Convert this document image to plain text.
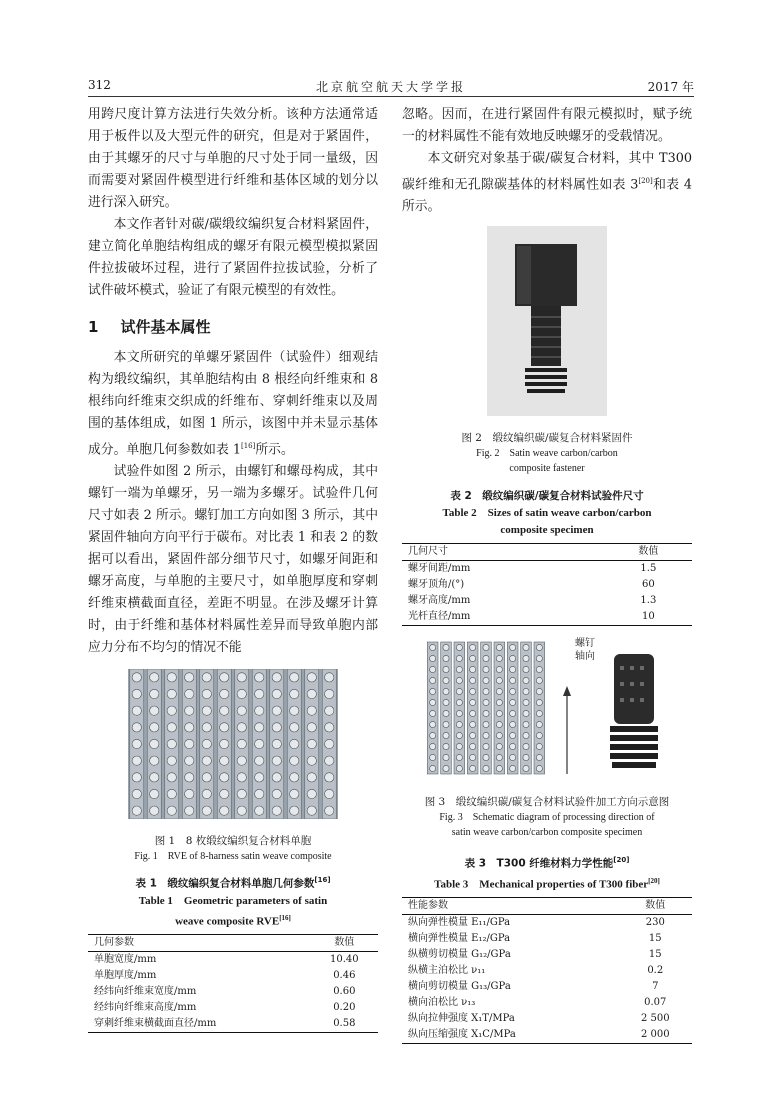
312	北京航空航天大学学报	2017 年

用跨尺度计算方法进行失效分析。该种方法通常适用于板件以及大型元件的研究，但是对于紧固件，由于其螺牙的尺寸与单胞的尺寸处于同一量级，因而需要对紧固件模型进行纤维和基体区域的划分以进行深入研究。

本文作者针对碳/碳缎纹编织复合材料紧固件，建立简化单胞结构组成的螺牙有限元模型模拟紧固件拉拔破坏过程，进行了紧固件拉拔试验，分析了试件破坏模式，验证了有限元模型的有效性。

1 试件基本属性

本文所研究的单螺牙紧固件（试验件）细观结构为缎纹编织，其单胞结构由 8 根经向纤维束和 8 根纬向纤维束交织成的纤维布、穿刺纤维束以及周围的基体组成，如图 1 所示，该图中并未显示基体成分。单胞几何参数如表 1[16]所示。

试验件如图 2 所示，由螺钉和螺母构成，其中螺钉一端为单螺牙，另一端为多螺牙。试验件几何尺寸如表 2 所示。螺钉加工方向如图 3 所示，其中紧固件轴向方向平行于碳布。对比表 1 和表 2 的数据可以看出，紧固件部分细节尺寸，如螺牙间距和螺牙高度，与单胞的主要尺寸，如单胞厚度和穿刺纤维束横截面直径，差距不明显。在涉及螺牙计算时，由于纤维和基体材料属性差异而导致单胞内部应力分布不均匀的情况不能

图 1　8 枚缎纹编织复合材料单胞

Fig. 1　RVE of 8-harness satin weave composite

表 1　缎纹编织复合材料单胞几何参数[16]

Table 1　Geometric parameters of satin

weave composite RVE[16]

几何参数	数值
单胞宽度/mm	10.40
单胞厚度/mm	0.46
经纬向纤维束宽度/mm	0.60
经纬向纤维束高度/mm	0.20
穿刺纤维束横截面直径/mm	0.58

忽略。因而，在进行紧固件有限元模拟时，赋予统一的材料属性不能有效地反映螺牙的受载情况。

本文研究对象基于碳/碳复合材料，其中 T300 碳纤维和无孔隙碳基体的材料属性如表 3[20]和表 4所示。

图 2　缎纹编织碳/碳复合材料紧固件

Fig. 2　Satin weave carbon/carbon

composite fastener

表 2　缎纹编织碳/碳复合材料试验件尺寸

Table 2　Sizes of satin weave carbon/carbon

composite specimen

几何尺寸	数值
螺牙间距/mm	1.5
螺牙顶角/(°)	60
螺牙高度/mm	1.3
光杆直径/mm	10
螺钉
轴向

图 3　缎纹编织碳/碳复合材料试验件加工方向示意图

Fig. 3　Schematic diagram of processing direction of

satin weave carbon/carbon composite specimen

表 3　T300 纤维材料力学性能[20]

Table 3　Mechanical properties of T300 fiber[20]

性能参数	数值
纵向弹性模量 E₁₁/GPa	230
横向弹性模量 E₁₂/GPa	15
纵横剪切模量 G₁₂/GPa	15
纵横主泊松比 ν₁₁	0.2
横向剪切模量 G₁₃/GPa	7
横向泊松比 ν₁₃	0.07
纵向拉伸强度 X₁T/MPa	2 500
纵向压缩强度 X₁C/MPa	2 000
